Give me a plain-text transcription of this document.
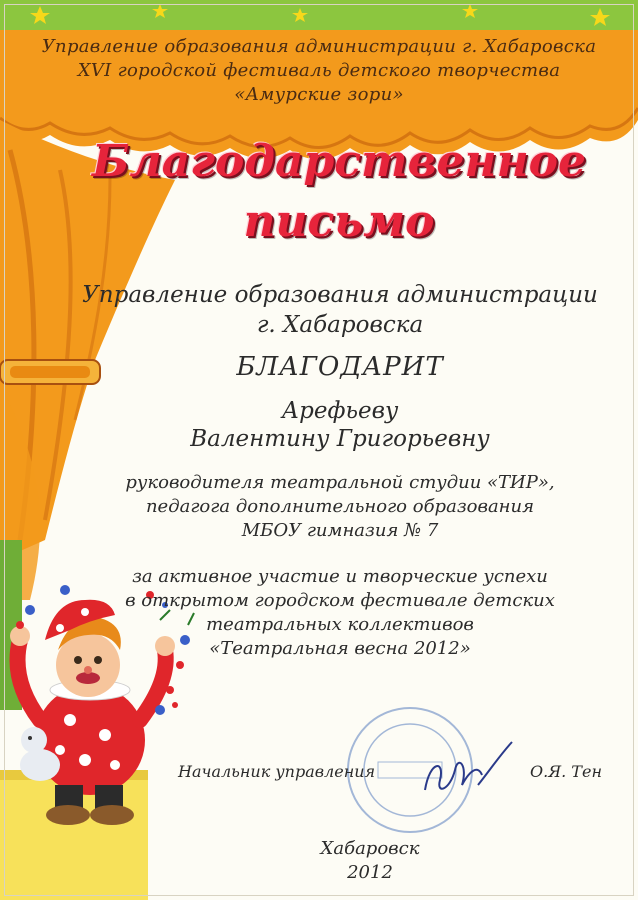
Управление образования администрации г. Хабаровска
XVI городской фестиваль детского творчества
«Амурские зори»
Благодарственное
письмо
Управление образования администрации
г. Хабаровска
БЛАГОДАРИТ
Арефьеву
Валентину Григорьевну
руководителя театральной студии «ТИР»,
педагога дополнительного образования
МБОУ гимназия № 7
за активное участие и творческие успехи
в открытом городском фестивале детских
театральных коллективов
«Театральная весна 2012»
Начальник управления	О.Я. Тен
Хабаровск
2012
